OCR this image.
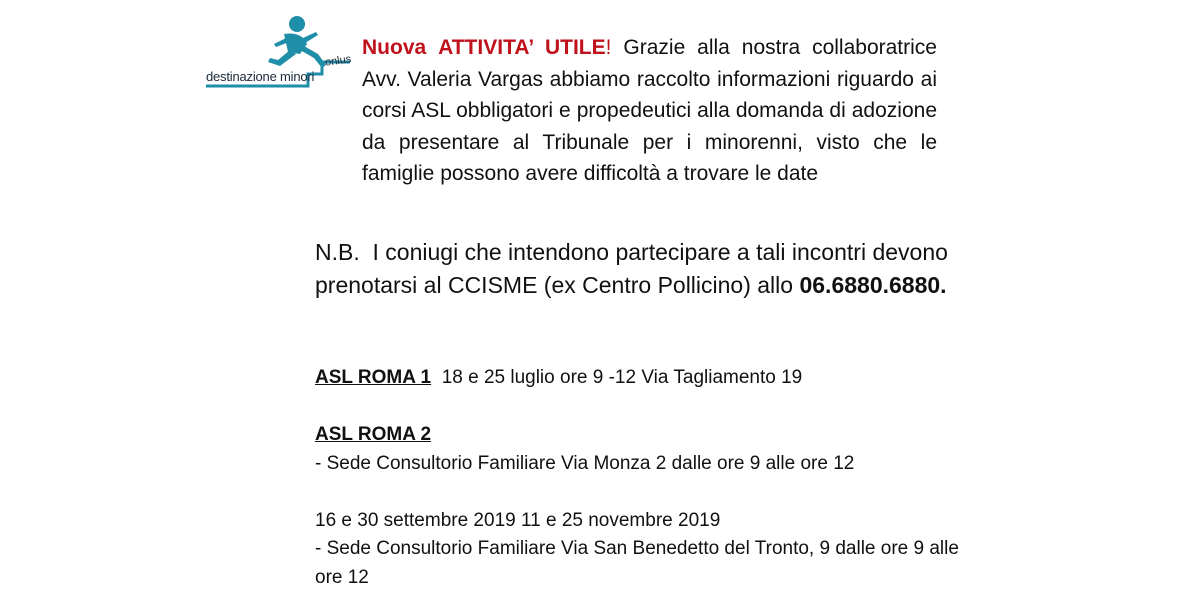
destinazione minori
onlus

Nuova ATTIVITA’ UTILE! Grazie alla nostra collaboratrice Avv. Valeria Vargas abbiamo raccolto informazioni riguardo ai corsi ASL obbligatori e propedeutici alla domanda di adozione da presentare al Tribunale per i minorenni, visto che le famiglie possono avere difficoltà a trovare le date

N.B. I coniugi che intendono partecipare a tali incontri devono prenotarsi al CCISME (ex Centro Pollicino) allo 06.6880.6880.

ASL ROMA 1 18 e 25 luglio ore 9 -12 Via Tagliamento 19

ASL ROMA 2

- Sede Consultorio Familiare Via Monza 2 dalle ore 9 alle ore 12

16 e 30 settembre 2019 11 e 25 novembre 2019

- Sede Consultorio Familiare Via San Benedetto del Tronto, 9 dalle ore 9 alle ore 12
